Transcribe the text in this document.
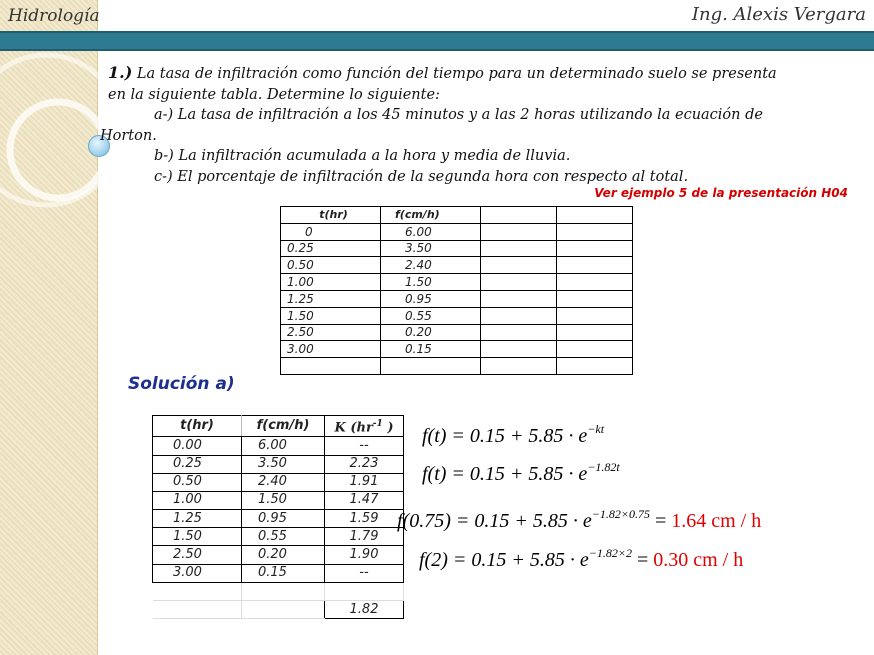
Hidrología	Ing. Alexis Vergara

1.) La tasa de infiltración como función del tiempo para un determinado suelo se presenta

en la siguiente tabla. Determine lo siguiente:

a-) La tasa de infiltración a los 45 minutos y a las 2 horas utilizando la ecuación de

Horton.

b-) La infiltración acumulada a la hora y media de lluvia.

c-) El porcentaje de infiltración de la segunda hora con respecto al total.

Ver ejemplo 5 de la presentación H04
t(hr)	f(cm/h)		
0	6.00		
0.25	3.50		
0.50	2.40		
1.00	1.50		
1.25	0.95		
1.50	0.55		
2.50	0.20		
3.00	0.15		

Solución a)
t(hr)	f(cm/h)	K ($hr^{-1}$ )
0.00	6.00	--
0.25	3.50	2.23
0.50	2.40	1.91
1.00	1.50	1.47
1.25	0.95	1.59
1.50	0.55	1.79
2.50	0.20	1.90
3.00	0.15	--

		1.82
$f(t) = 0.15 + 5.85 \cdot e^{-kt}$
$f(t) = 0.15 + 5.85 \cdot e^{-1.82t}$
$f(0.75) = 0.15 + 5.85 \cdot e^{-1.82\times 0.75} = 1.64$ cm / h
$f(2) = 0.15 + 5.85 \cdot e^{-1.82\times 2} = 0.30$ cm / h
